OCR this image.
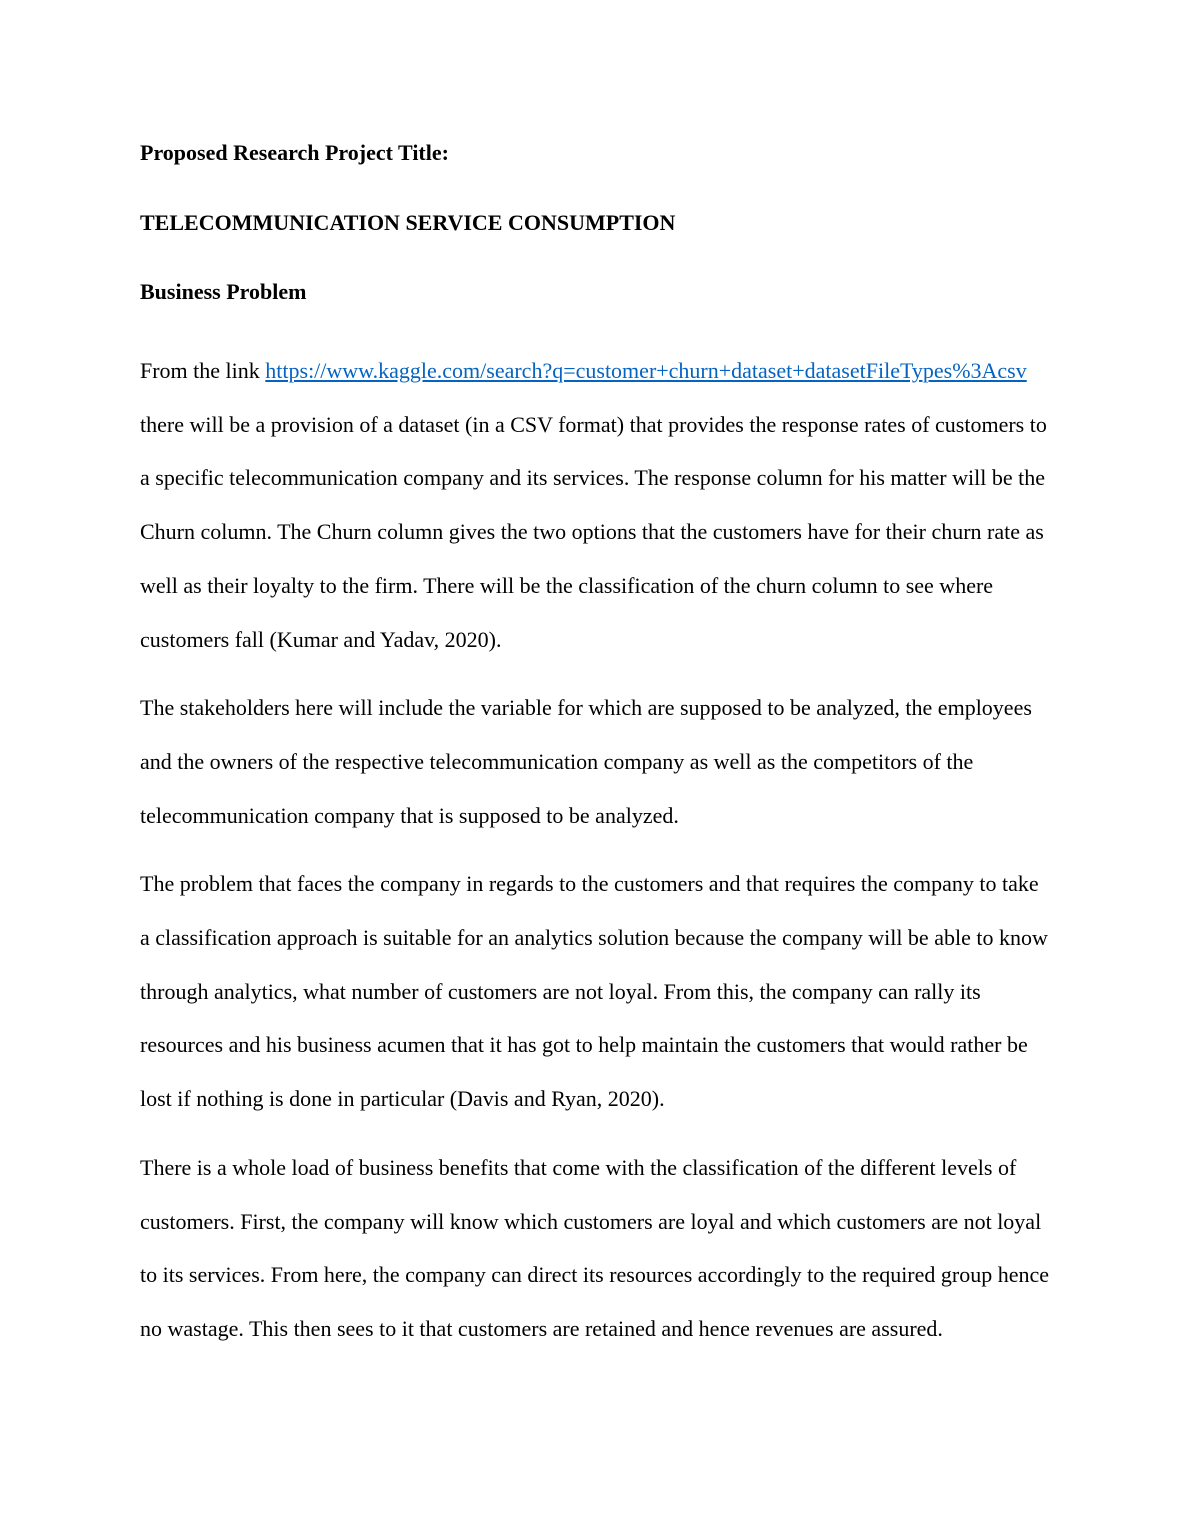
Proposed Research Project Title:

TELECOMMUNICATION SERVICE CONSUMPTION

Business Problem

From the link https://www.kaggle.com/search?q=customer+churn+dataset+datasetFileTypes%3Acsv there will be a provision of a dataset (in a CSV format) that provides the response rates of customers to a specific telecommunication company and its services. The response column for his matter will be the Churn column. The Churn column gives the two options that the customers have for their churn rate as well as their loyalty to the firm. There will be the classification of the churn column to see where customers fall (Kumar and Yadav, 2020).

The stakeholders here will include the variable for which are supposed to be analyzed, the employees and the owners of the respective telecommunication company as well as the competitors of the telecommunication company that is supposed to be analyzed.

The problem that faces the company in regards to the customers and that requires the company to take a classification approach is suitable for an analytics solution because the company will be able to know through analytics, what number of customers are not loyal. From this, the company can rally its resources and his business acumen that it has got to help maintain the customers that would rather be lost if nothing is done in particular (Davis and Ryan, 2020).

There is a whole load of business benefits that come with the classification of the different levels of customers. First, the company will know which customers are loyal and which customers are not loyal to its services. From here, the company can direct its resources accordingly to the required group hence no wastage. This then sees to it that customers are retained and hence revenues are assured.
